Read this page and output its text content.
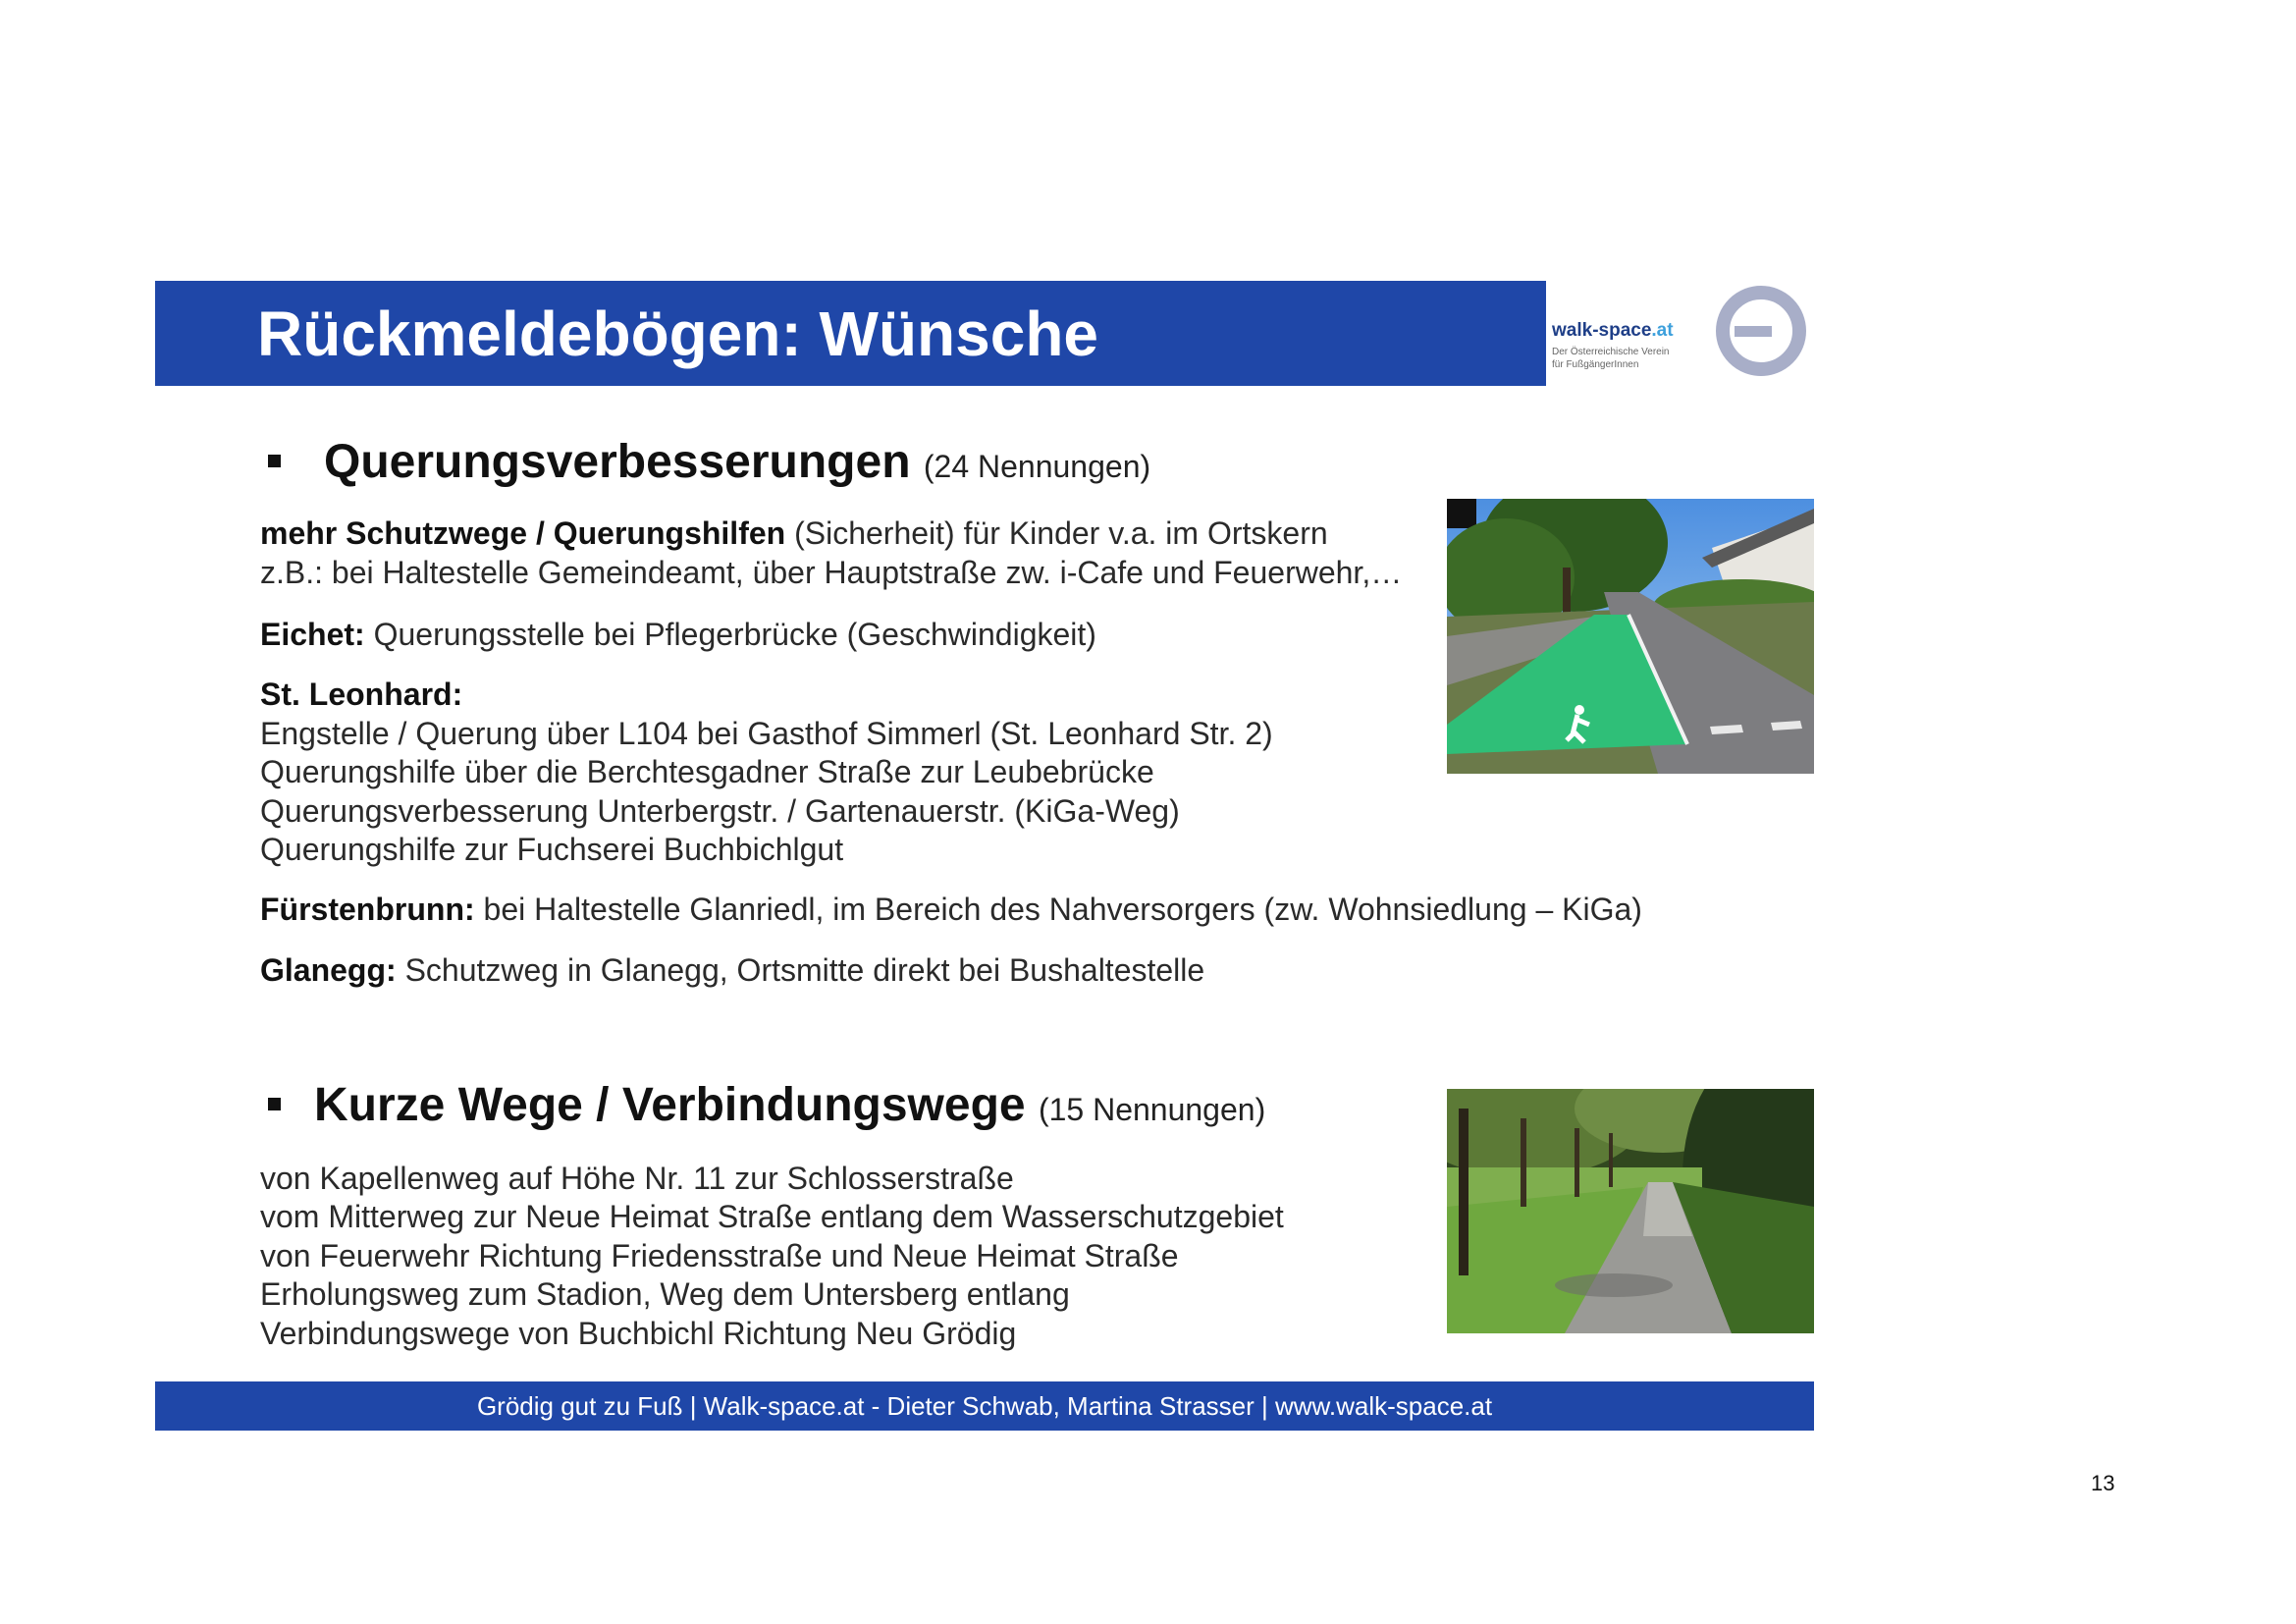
Rückmeldebögen: Wünsche	walk-space.at
Der Österreichische Verein
für FußgängerInnen
Querungsverbesserungen (24 Nennungen)
mehr Schutzwege / Querungshilfen (Sicherheit) für Kinder v.a. im Ortskern
z.B.: bei Haltestelle Gemeindeamt, über Hauptstraße zw. i-Cafe und Feuerwehr,…
Eichet: Querungsstelle bei Pflegerbrücke (Geschwindigkeit)
St. Leonhard:
Engstelle / Querung über L104 bei Gasthof Simmerl (St. Leonhard Str. 2)
Querungshilfe über die Berchtesgadner Straße zur Leubebrücke
Querungsverbesserung Unterbergstr. / Gartenauerstr. (KiGa-Weg)
Querungshilfe zur Fuchserei Buchbichlgut
Fürstenbrunn: bei Haltestelle Glanriedl, im Bereich des Nahversorgers (zw. Wohnsiedlung – KiGa)
Glanegg: Schutzweg in Glanegg, Ortsmitte direkt bei Bushaltestelle
Kurze Wege / Verbindungswege (15 Nennungen)
von Kapellenweg auf Höhe Nr. 11 zur Schlosserstraße
vom Mitterweg zur Neue Heimat Straße entlang dem Wasserschutzgebiet
von Feuerwehr Richtung Friedensstraße und Neue Heimat Straße
Erholungsweg zum Stadion, Weg dem Untersberg entlang
Verbindungswege von Buchbichl Richtung Neu Grödig
Grödig gut zu Fuß | Walk-space.at - Dieter Schwab, Martina Strasser | www.walk-space.at
13
